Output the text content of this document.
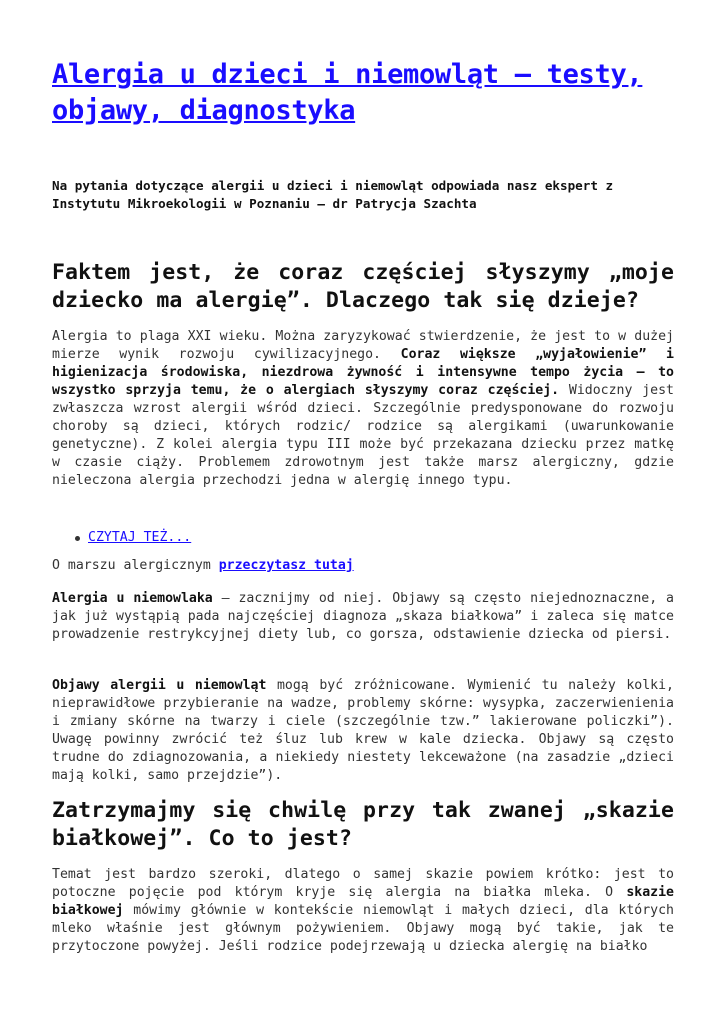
Alergia u dzieci i niemowląt – testy, objawy, diagnostyka

Na pytania dotyczące alergii u dzieci i niemowląt odpowiada nasz ekspert z Instytutu Mikroekologii w Poznaniu – dr Patrycja Szachta

Faktem jest, że coraz częściej słyszymy „moje dziecko ma alergię”. Dlaczego tak się dzieje?

Alergia to plaga XXI wieku. Można zaryzykować stwierdzenie, że jest to w dużej mierze wynik rozwoju cywilizacyjnego. Coraz większe „wyjałowienie” i higienizacja środowiska, niezdrowa żywność i intensywne tempo życia – to wszystko sprzyja temu, że o alergiach słyszymy coraz częściej. Widoczny jest zwłaszcza wzrost alergii wśród dzieci. Szczególnie predysponowane do rozwoju choroby są dzieci, których rodzic/ rodzice są alergikami (uwarunkowanie genetyczne). Z kolei alergia typu III może być przekazana dziecku przez matkę w czasie ciąży. Problemem zdrowotnym jest także marsz alergiczny, gdzie nieleczona alergia przechodzi jedna w alergię innego typu.

CZYTAJ TEŻ...

O marszu alergicznym przeczytasz tutaj

Alergia u niemowlaka – zacznijmy od niej. Objawy są często niejednoznaczne, a jak już wystąpią pada najczęściej diagnoza „skaza białkowa” i zaleca się matce prowadzenie restrykcyjnej diety lub, co gorsza, odstawienie dziecka od piersi.

Objawy alergii u niemowląt mogą być zróżnicowane. Wymienić tu należy kolki, nieprawidłowe przybieranie na wadze, problemy skórne: wysypka, zaczerwienienia i zmiany skórne na twarzy i ciele (szczególnie tzw.” lakierowane policzki”). Uwagę powinny zwrócić też śluz lub krew w kale dziecka. Objawy są często trudne do zdiagnozowania, a niekiedy niestety lekceważone (na zasadzie „dzieci mają kolki, samo przejdzie”).

Zatrzymajmy się chwilę przy tak zwanej „skazie białkowej”. Co to jest?

Temat jest bardzo szeroki, dlatego o samej skazie powiem krótko: jest to potoczne pojęcie pod którym kryje się alergia na białka mleka. O skazie białkowej mówimy głównie w kontekście niemowląt i małych dzieci, dla których mleko właśnie jest głównym pożywieniem. Objawy mogą być takie, jak te przytoczone powyżej. Jeśli rodzice podejrzewają u dziecka alergię na białko
